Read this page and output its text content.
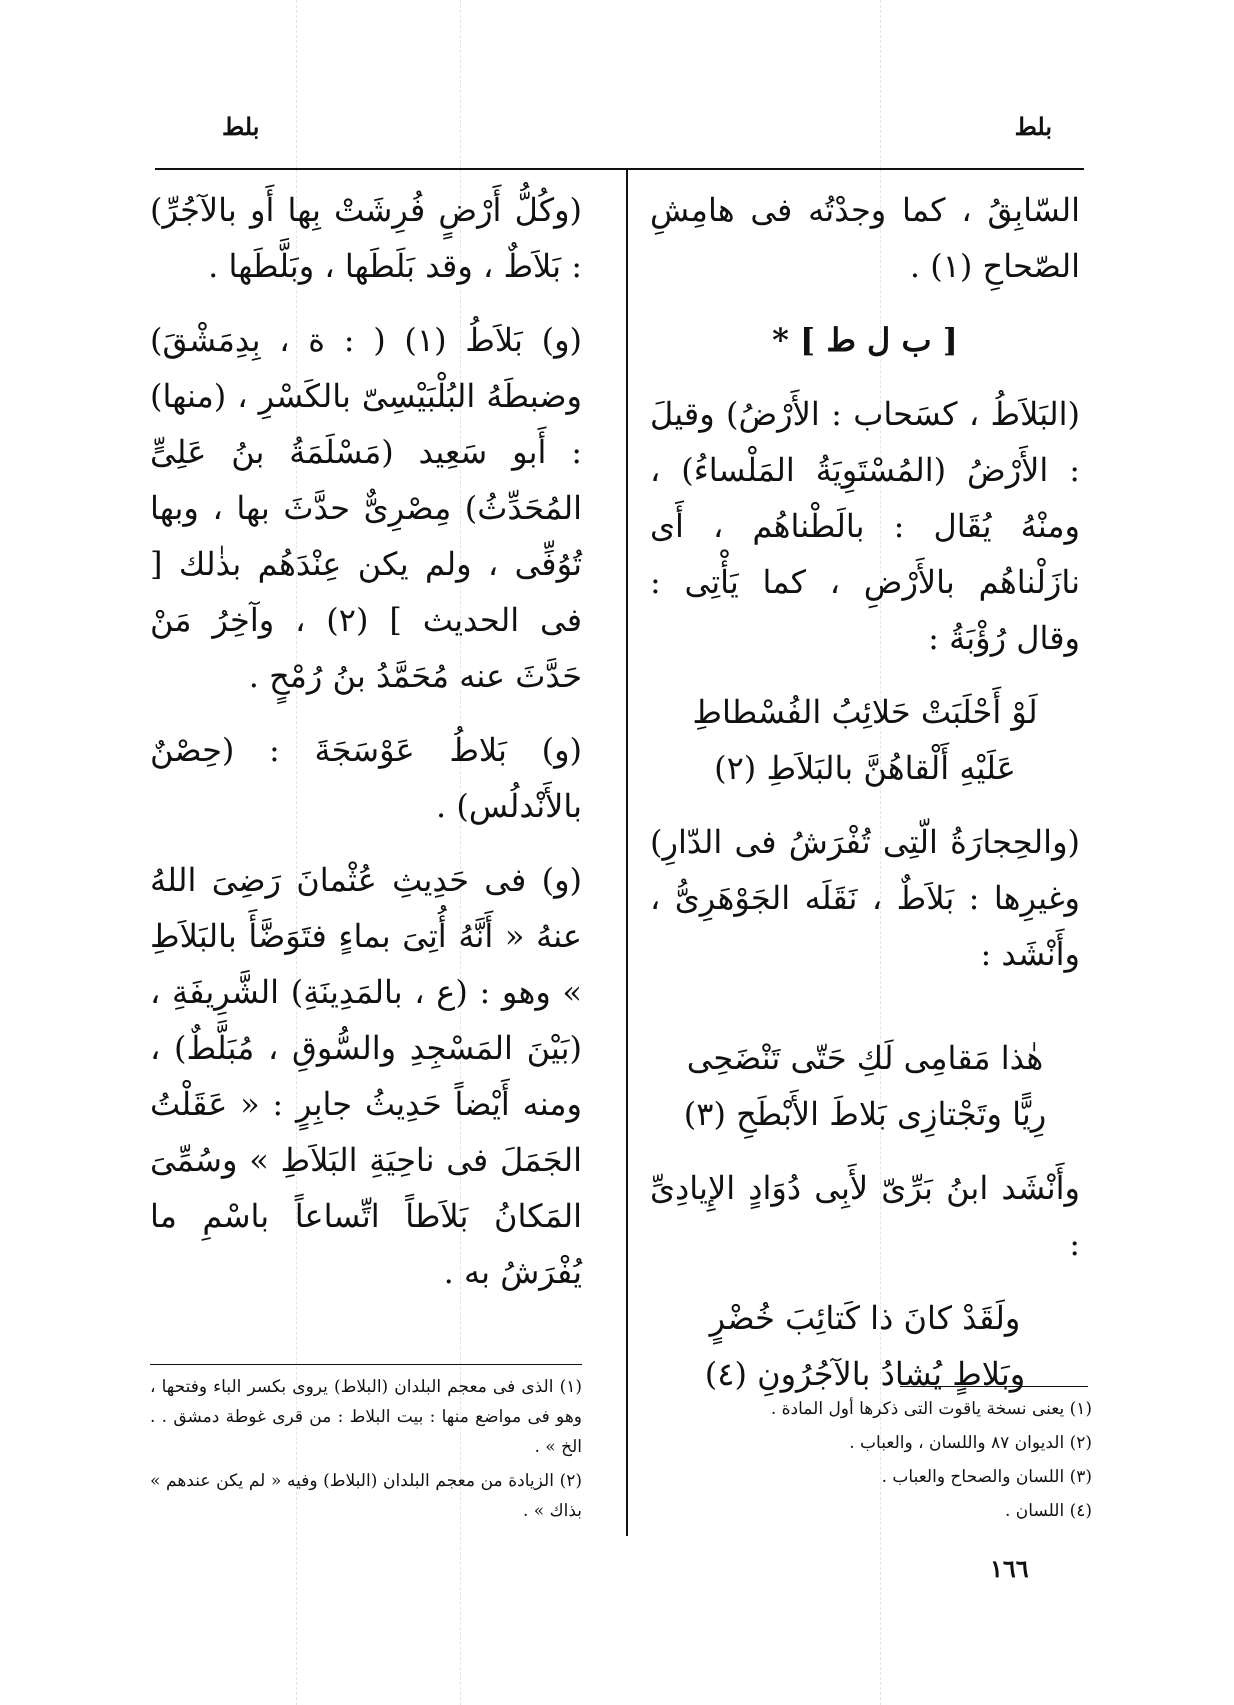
بلط
بلط

السّابِقُ ، كما وجدْتُه فى هامِشِ الصّحاحِ (١) .

[ ب ل ط ] *

(البَلاَطُ ، كسَحاب : الأَرْضُ) وقيلَ : الأَرْضُ (المُسْتَوِيَةُ المَلْساءُ) ، ومنْهُ يُقَال : بالَطْناهُم ، أَى نازَلْناهُم بالأَرْضِ ، كما يَأْتِى : وقال رُؤْبَةُ :

لَوْ أَحْلَبَتْ حَلائِبُ الفُسْطاطِ
عَلَيْهِ أَلْقاهُنَّ بالبَلاَطِ (٢)

(والحِجارَةُ الّتِى تُفْرَشُ فى الدّارِ) وغيرِها : بَلاَطٌ ، نَقَلَه الجَوْهَرِىُّ ، وأَنْشَد :

هٰذا مَقامِى لَكِ حَتّى تَنْضَحِى
رِيًّا وتَجْتازِى بَلاطَ الأَبْطَحِ (٣)

وأَنْشَد ابنُ بَرِّىّ لأَبِى دُوَادٍ الإِيادِىِّ :

ولَقَدْ كانَ ذا كَتائِبَ خُضْرٍ
وبَلاطٍ يُشادُ بالآجُرُونِ (٤)

(وكُلُّ أَرْضٍ فُرِشَتْ بِها أَو بالآجُرِّ) : بَلاَطٌ ، وقد بَلَطَها ، وبَلَّطَها .

(و) بَلاَطُ (١) ( : ة ، بِدِمَشْقَ) وضبطَهُ البُلْبَيْسِىّ بالكَسْرِ ، (منها) : أَبو سَعِيد (مَسْلَمَةُ بنُ عَلِىٍّ المُحَدِّثُ) مِصْرِىٌّ حدَّثَ بها ، وبها تُوُفِّى ، ولم يكن عِنْدَهُم بذٰلك [ فى الحديث ] (٢) ، وآخِرُ مَنْ حَدَّثَ عنه مُحَمَّدُ بنُ رُمْحٍ .

(و) بَلاطُ عَوْسَجَةَ : (حِصْنٌ بالأَنْدلُس) .

(و) فى حَدِيثِ عُثْمانَ رَضِىَ اللهُ عنهُ « أَنَّهُ أُتِىَ بماءٍ فتَوَضَّأَ بالبَلاَطِ » وهو : (ع ، بالمَدِينَةِ) الشَّرِيفَةِ ، (بَيْنَ المَسْجِدِ والسُّوقِ ، مُبَلَّطٌ) ، ومنه أَيْضاً حَدِيثُ جابِرٍ : « عَقَلْتُ الجَمَلَ فى ناحِيَةِ البَلاَطِ » وسُمِّىَ المَكانُ بَلاَطاً اتِّساعاً باسْمِ ما يُفْرَشُ به .

(١) الذى فى معجم البلدان (البلاط) يروى بكسر الباء وفتحها ، وهو فى مواضع منها : بيت البلاط : من قرى غوطة دمشق . . الخ » .

(٢) الزيادة من معجم البلدان (البلاط) وفيه « لم يكن عندهم » بذاك » .

(١) يعنى نسخة ياقوت التى ذكرها أول المادة .

(٢) الديوان ٨٧ واللسان ، والعباب .

(٣) اللسان والصحاح والعباب .

(٤) اللسان .

١٦٦
